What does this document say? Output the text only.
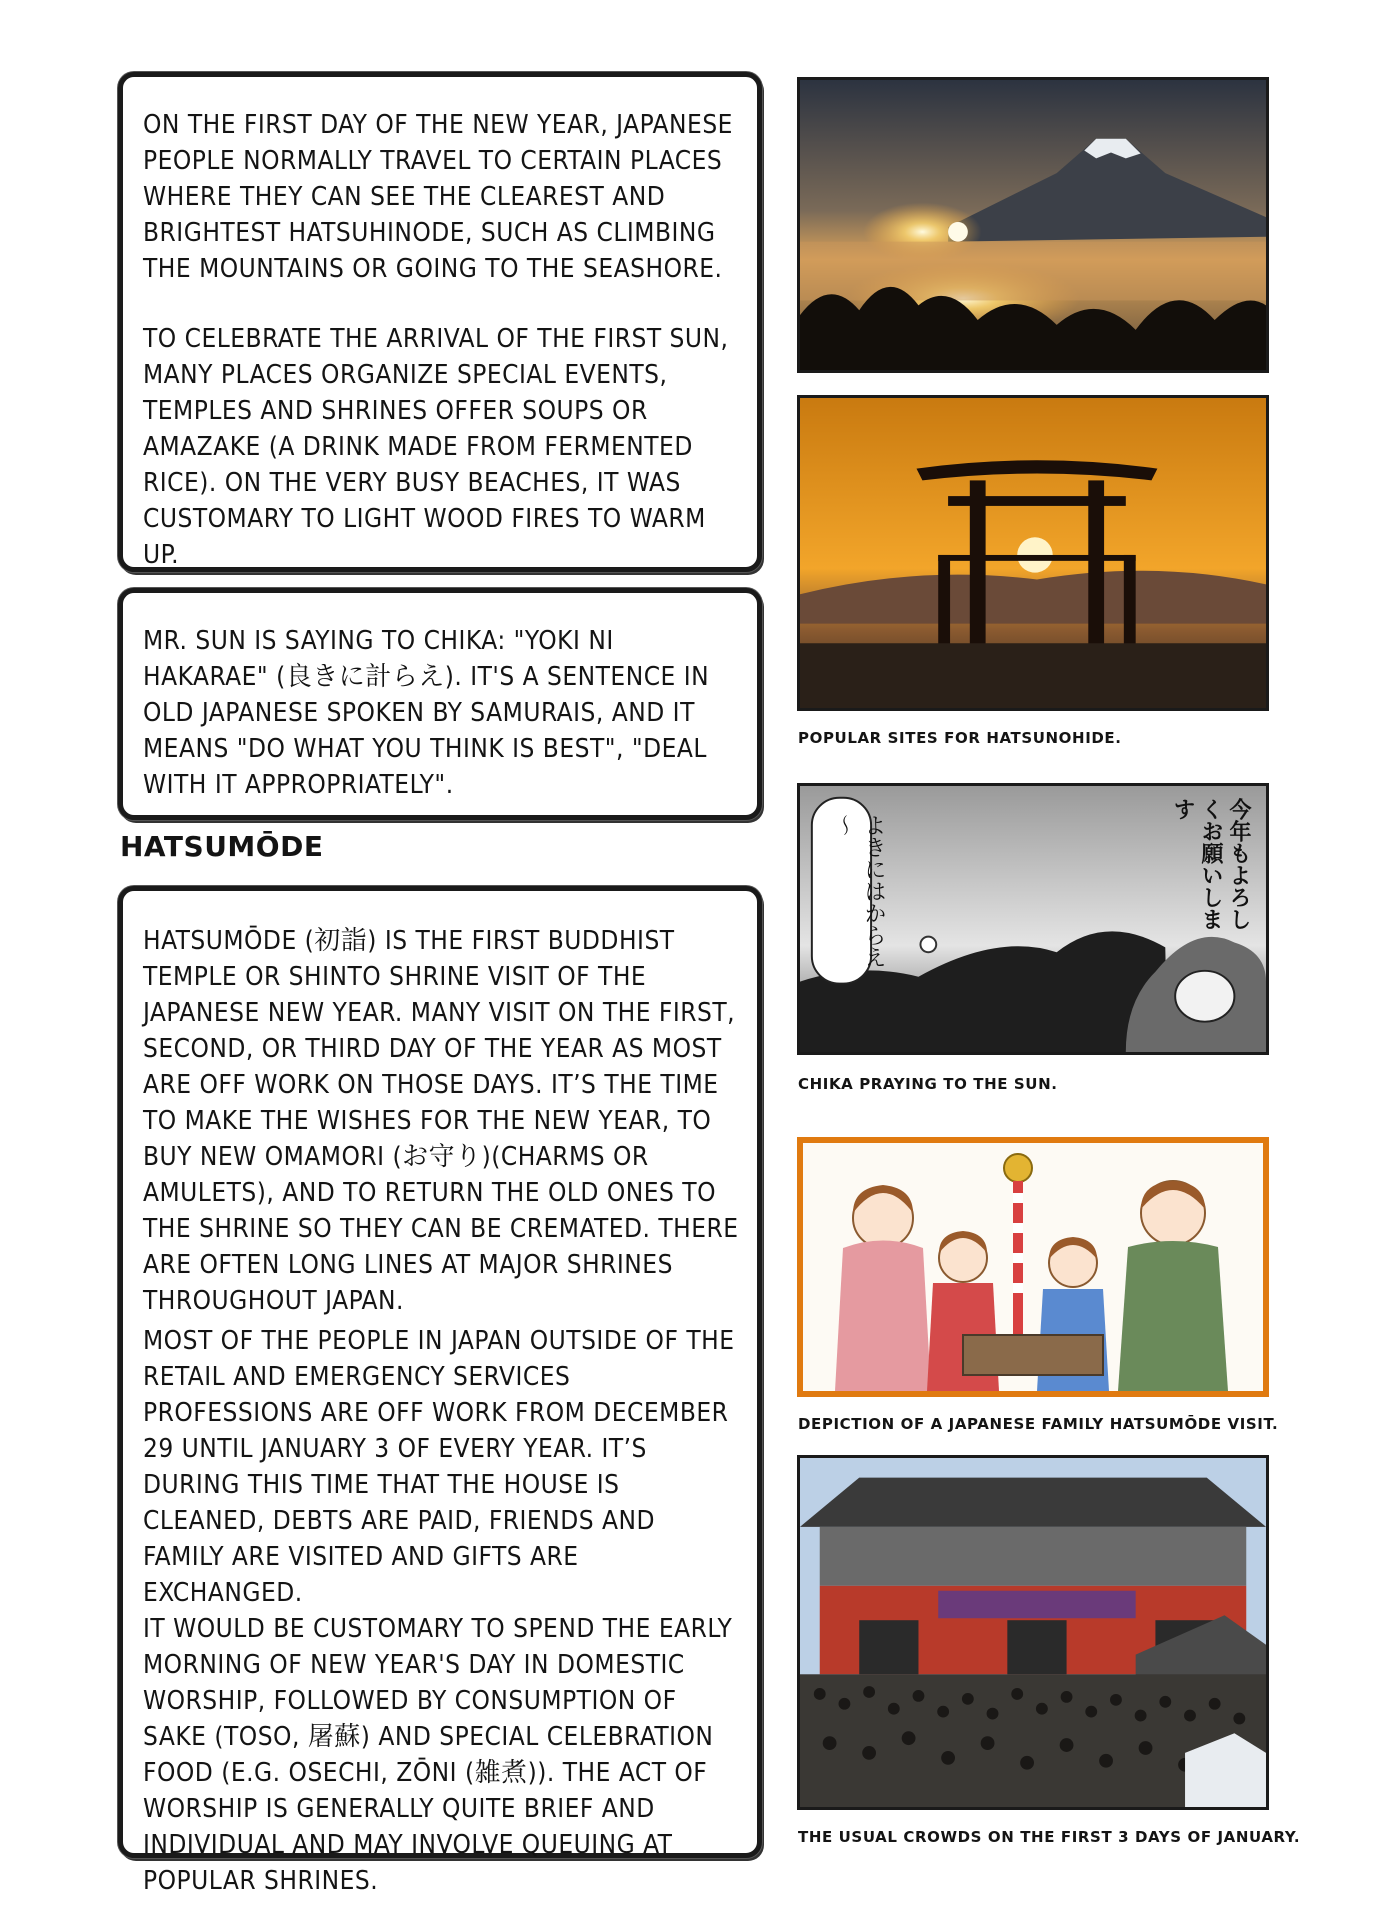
ON THE FIRST DAY OF THE NEW YEAR, JAPANESE PEOPLE NORMALLY TRAVEL TO CERTAIN PLACES WHERE THEY CAN SEE THE CLEAREST AND BRIGHTEST HATSUHINODE, SUCH AS CLIMBING THE MOUNTAINS OR GOING TO THE SEASHORE.

TO CELEBRATE THE ARRIVAL OF THE FIRST SUN, MANY PLACES ORGANIZE SPECIAL EVENTS, TEMPLES AND SHRINES OFFER SOUPS OR AMAZAKE (A DRINK MADE FROM FERMENTED RICE). ON THE VERY BUSY BEACHES, IT WAS CUSTOMARY TO LIGHT WOOD FIRES TO WARM UP.

MR. SUN IS SAYING TO CHIKA: "YOKI NI HAKARAE" (良きに計らえ). IT'S A SENTENCE IN OLD JAPANESE SPOKEN BY SAMURAIS, AND IT MEANS "DO WHAT YOU THINK IS BEST", "DEAL WITH IT APPROPRIATELY".

HATSUMŌDE

HATSUMŌDE (初詣) IS THE FIRST BUDDHIST TEMPLE OR SHINTO SHRINE VISIT OF THE JAPANESE NEW YEAR. MANY VISIT ON THE FIRST, SECOND, OR THIRD DAY OF THE YEAR AS MOST ARE OFF WORK ON THOSE DAYS. IT’S THE TIME TO MAKE THE WISHES FOR THE NEW YEAR, TO BUY NEW OMAMORI (お守り)(CHARMS OR AMULETS), AND TO RETURN THE OLD ONES TO THE SHRINE SO THEY CAN BE CREMATED. THERE ARE OFTEN LONG LINES AT MAJOR SHRINES THROUGHOUT JAPAN.

MOST OF THE PEOPLE IN JAPAN OUTSIDE OF THE RETAIL AND EMERGENCY SERVICES PROFESSIONS ARE OFF WORK FROM DECEMBER 29 UNTIL JANUARY 3 OF EVERY YEAR. IT’S DURING THIS TIME THAT THE HOUSE IS CLEANED, DEBTS ARE PAID, FRIENDS AND FAMILY ARE VISITED AND GIFTS ARE EXCHANGED.
IT WOULD BE CUSTOMARY TO SPEND THE EARLY MORNING OF NEW YEAR'S DAY IN DOMESTIC WORSHIP, FOLLOWED BY CONSUMPTION OF SAKE (TOSO, 屠蘇) AND SPECIAL CELEBRATION FOOD (E.G. OSECHI, ZŌNI (雑煮)). THE ACT OF WORSHIP IS GENERALLY QUITE BRIEF AND INDIVIDUAL AND MAY INVOLVE QUEUING AT POPULAR SHRINES.

POPULAR SITES FOR HATSUNOHIDE.
よきにはからえ～	今年もよろしくお願いします
CHIKA PRAYING TO THE SUN.
DEPICTION OF A JAPANESE FAMILY HATSUMŌDE VISIT.
THE USUAL CROWDS ON THE FIRST 3 DAYS OF JANUARY.
